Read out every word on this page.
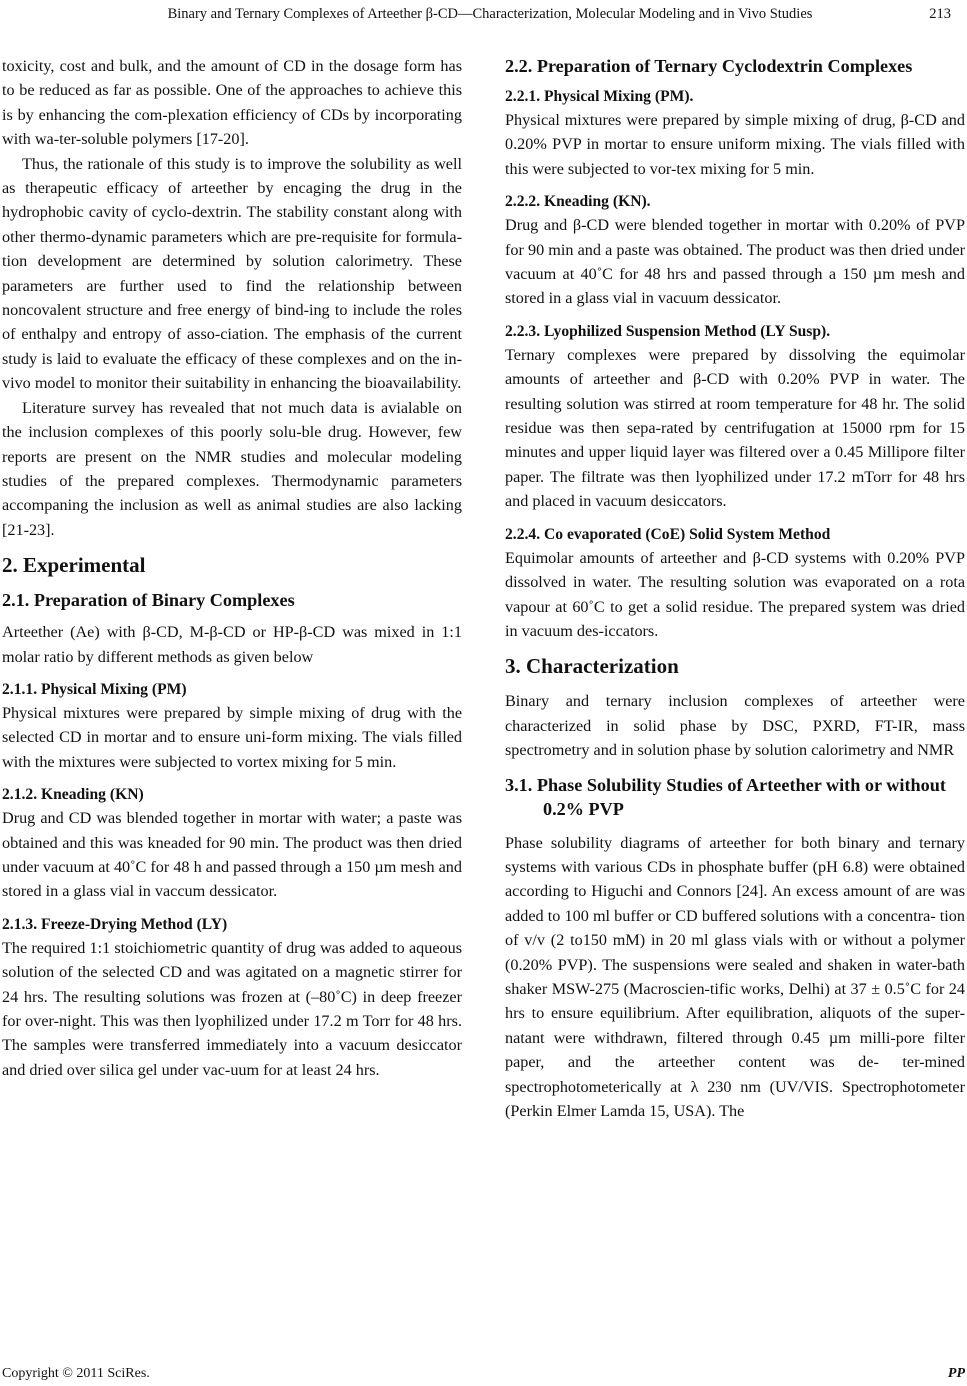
Binary and Ternary Complexes of Arteether β-CD—Characterization, Molecular Modeling and in Vivo Studies	213

toxicity, cost and bulk, and the amount of CD in the dosage form has to be reduced as far as possible. One of the approaches to achieve this is by enhancing the com-plexation efficiency of CDs by incorporating with wa-ter-soluble polymers [17-20].

Thus, the rationale of this study is to improve the solubility as well as therapeutic efficacy of arteether by encaging the drug in the hydrophobic cavity of cyclo-dextrin. The stability constant along with other thermo-dynamic parameters which are pre-requisite for formula-tion development are determined by solution calorimetry. These parameters are further used to find the relationship between noncovalent structure and free energy of bind-ing to include the roles of enthalpy and entropy of asso-ciation. The emphasis of the current study is laid to evaluate the efficacy of these complexes and on the in-vivo model to monitor their suitability in enhancing the bioavailability.

Literature survey has revealed that not much data is avialable on the inclusion complexes of this poorly solu-ble drug. However, few reports are present on the NMR studies and molecular modeling studies of the prepared complexes. Thermodynamic parameters accompaning the inclusion as well as animal studies are also lacking [21-23].

2. Experimental
2.1. Preparation of Binary Complexes

Arteether (Ae) with β-CD, M-β-CD or HP-β-CD was mixed in 1:1 molar ratio by different methods as given below

2.1.1. Physical Mixing (PM)

Physical mixtures were prepared by simple mixing of drug with the selected CD in mortar and to ensure uni-form mixing. The vials filled with the mixtures were subjected to vortex mixing for 5 min.

2.1.2. Kneading (KN)

Drug and CD was blended together in mortar with water; a paste was obtained and this was kneaded for 90 min. The product was then dried under vacuum at 40˚C for 48 h and passed through a 150 µm mesh and stored in a glass vial in vaccum dessicator.

2.1.3. Freeze-Drying Method (LY)

The required 1:1 stoichiometric quantity of drug was added to aqueous solution of the selected CD and was agitated on a magnetic stirrer for 24 hrs. The resulting solutions was frozen at (–80˚C) in deep freezer for over-night. This was then lyophilized under 17.2 m Torr for 48 hrs. The samples were transferred immediately into a vacuum desiccator and dried over silica gel under vac-uum for at least 24 hrs.

2.2. Preparation of Ternary Cyclodextrin Complexes
2.2.1. Physical Mixing (PM).

Physical mixtures were prepared by simple mixing of drug, β-CD and 0.20% PVP in mortar to ensure uniform mixing. The vials filled with this were subjected to vor-tex mixing for 5 min.

2.2.2. Kneading (KN).

Drug and β-CD were blended together in mortar with 0.20% of PVP for 90 min and a paste was obtained. The product was then dried under vacuum at 40˚C for 48 hrs and passed through a 150 µm mesh and stored in a glass vial in vacuum dessicator.

2.2.3. Lyophilized Suspension Method (LY Susp).

Ternary complexes were prepared by dissolving the equimolar amounts of arteether and β-CD with 0.20% PVP in water. The resulting solution was stirred at room temperature for 48 hr. The solid residue was then sepa-rated by centrifugation at 15000 rpm for 15 minutes and upper liquid layer was filtered over a 0.45 Millipore filter paper. The filtrate was then lyophilized under 17.2 mTorr for 48 hrs and placed in vacuum desiccators.

2.2.4. Co evaporated (CoE) Solid System Method

Equimolar amounts of arteether and β-CD systems with 0.20% PVP dissolved in water. The resulting solution was evaporated on a rota vapour at 60˚C to get a solid residue. The prepared system was dried in vacuum des-iccators.

3. Characterization

Binary and ternary inclusion complexes of arteether were characterized in solid phase by DSC, PXRD, FT-IR, mass spectrometry and in solution phase by solution calorimetry and NMR

3.1. Phase Solubility Studies of Arteether with or without 0.2% PVP

Phase solubility diagrams of arteether for both binary and ternary systems with various CDs in phosphate buffer (pH 6.8) were obtained according to Higuchi and Connors [24]. An excess amount of are was added to 100 ml buffer or CD buffered solutions with a concentra- tion of v/v (2 to150 mM) in 20 ml glass vials with or without a polymer (0.20% PVP). The suspensions were sealed and shaken in water-bath shaker MSW-275 (Macroscien-tific works, Delhi) at 37 ± 0.5˚C for 24 hrs to ensure equilibrium. After equilibration, aliquots of the super-natant were withdrawn, filtered through 0.45 µm milli-pore filter paper, and the arteether content was de- ter-mined spectrophotometerically at λ 230 nm (UV/VIS. Spectrophotometer (Perkin Elmer Lamda 15, USA). The

Copyright © 2011 SciRes.	PP
